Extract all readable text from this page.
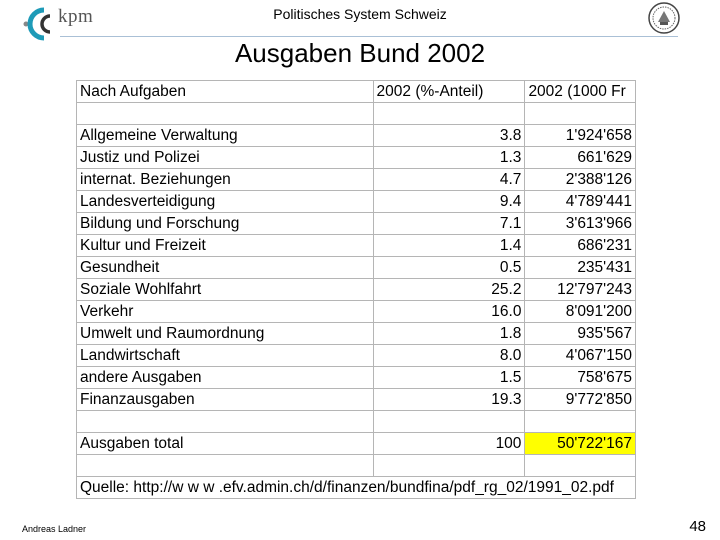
kpm	Politisches System Schweiz
Ausgaben Bund 2002
Nach Aufgaben	2002 (%-Anteil)	2002 (1000 Fr

Allgemeine Verwaltung	3.8	1'924'658
Justiz und Polizei	1.3	661'629
internat. Beziehungen	4.7	2'388'126
Landesverteidigung	9.4	4'789'441
Bildung und Forschung	7.1	3'613'966
Kultur und Freizeit	1.4	686'231
Gesundheit	0.5	235'431
Soziale Wohlfahrt	25.2	12'797'243
Verkehr	16.0	8'091'200
Umwelt und Raumordnung	1.8	935'567
Landwirtschaft	8.0	4'067'150
andere Ausgaben	1.5	758'675
Finanzausgaben	19.3	9'772'850

Ausgaben total	100	50'722'167

Quelle: http://w w w .efv.admin.ch/d/finanzen/bundfina/pdf_rg_02/1991_02.pdf		
Andreas Ladner	48
